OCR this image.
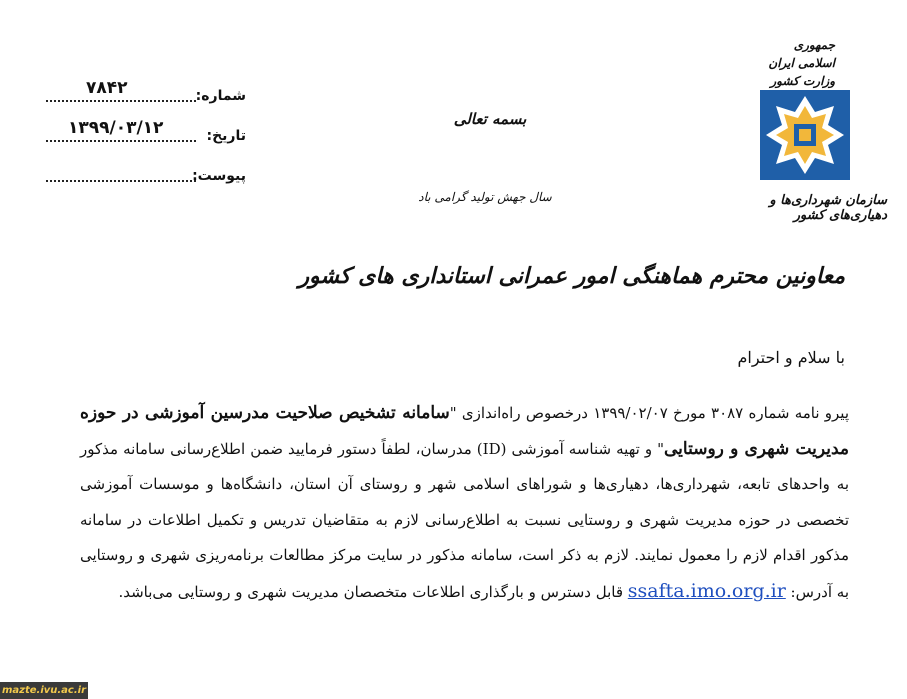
۷۸۴۲	شماره:
۱۳۹۹/۰۳/۱۲	تاریخ:
پیوست:
بسمه تعالی
سال جهش تولید گرامی باد
جمهوری اسلامی ایران
وزارت کشور
سازمان شهرداری‌ها و دهیاری‌های کشور
معاونین محترم هماهنگی امور عمرانی استانداری های کشور
با سلام و احترام
پیرو نامه شماره ۳۰۸۷ مورخ ۱۳۹۹/۰۲/۰۷ درخصوص راه‌اندازی "سامانه تشخیص صلاحیت مدرسین آموزشی در حوزه مدیریت شهری و روستایی" و تهیه شناسه آموزشی (ID) مدرسان، لطفاً دستور فرمایید ضمن اطلاع‌رسانی سامانه مذکور به واحدهای تابعه، شهرداری‌ها، دهیاری‌ها و شوراهای اسلامی شهر و روستای آن استان، دانشگاه‌ها و موسسات آموزشی تخصصی در حوزه مدیریت شهری و روستایی نسبت به اطلاع‌رسانی لازم به متقاضیان تدریس و تکمیل اطلاعات در سامانه مذکور اقدام لازم را معمول نمایند. لازم به ذکر است، سامانه مذکور در سایت مرکز مطالعات برنامه‌ریزی شهری و روستایی به آدرس: ssafta.imo.org.ir قابل دسترس و بارگذاری اطلاعات متخصصان مدیریت شهری و روستایی می‌باشد.
mazte.ivu.ac.ir
